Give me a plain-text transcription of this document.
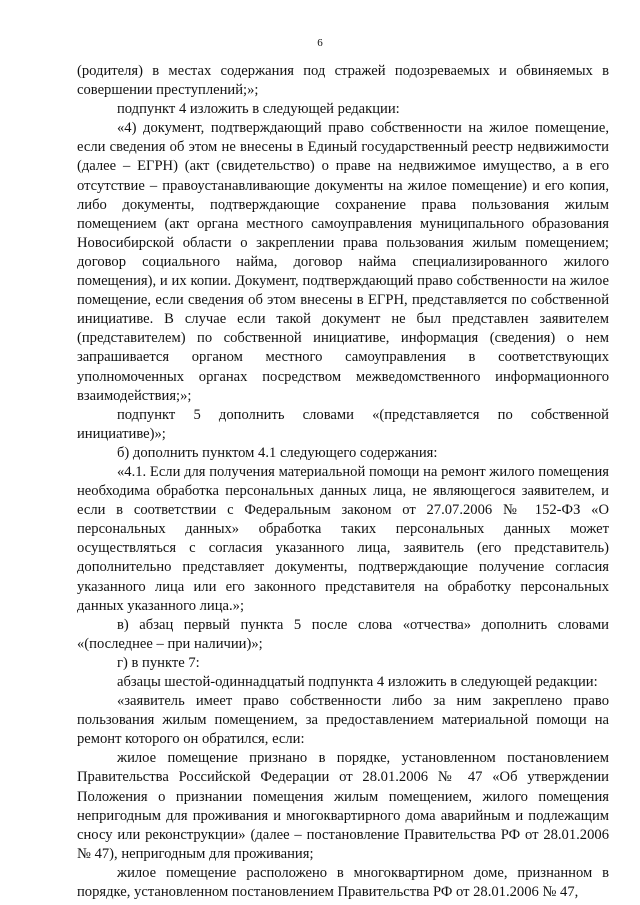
6

(родителя) в местах содержания под стражей подозреваемых и обвиняемых в совершении преступлений;»;

подпункт 4 изложить в следующей редакции:

«4) документ, подтверждающий право собственности на жилое помещение, если сведения об этом не внесены в Единый государственный реестр недвижимости (далее – ЕГРН) (акт (свидетельство) о праве на недвижимое имущество, а в его отсутствие – правоустанавливающие документы на жилое помещение) и его копия, либо документы, подтверждающие сохранение права пользования жилым помещением (акт органа местного самоуправления муниципального образования Новосибирской области о закреплении права пользования жилым помещением; договор социального найма, договор найма специализированного жилого помещения), и их копии. Документ, подтверждающий право собственности на жилое помещение, если сведения об этом внесены в ЕГРН, представляется по собственной инициативе. В случае если такой документ не был представлен заявителем (представителем) по собственной инициативе, информация (сведения) о нем запрашивается органом местного самоуправления в соответствующих уполномоченных органах посредством межведомственного информационного взаимодействия;»;

подпункт 5 дополнить словами «(представляется по собственной инициативе)»;

б) дополнить пунктом 4.1 следующего содержания:

«4.1. Если для получения материальной помощи на ремонт жилого помещения необходима обработка персональных данных лица, не являющегося заявителем, и если в соответствии с Федеральным законом от 27.07.2006 № 152-ФЗ «О персональных данных» обработка таких персональных данных может осуществляться с согласия указанного лица, заявитель (его представитель) дополнительно представляет документы, подтверждающие получение согласия указанного лица или его законного представителя на обработку персональных данных указанного лица.»;

в) абзац первый пункта 5 после слова «отчества» дополнить словами «(последнее – при наличии)»;

г) в пункте 7:

абзацы шестой-одиннадцатый подпункта 4 изложить в следующей редакции:

«заявитель имеет право собственности либо за ним закреплено право пользования жилым помещением, за предоставлением материальной помощи на ремонт которого он обратился, если:

жилое помещение признано в порядке, установленном постановлением Правительства Российской Федерации от 28.01.2006 № 47 «Об утверждении Положения о признании помещения жилым помещением, жилого помещения непригодным для проживания и многоквартирного дома аварийным и подлежащим сносу или реконструкции» (далее – постановление Правительства РФ от 28.01.2006 № 47), непригодным для проживания;

жилое помещение расположено в многоквартирном доме, признанном в порядке, установленном постановлением Правительства РФ от 28.01.2006 № 47,
